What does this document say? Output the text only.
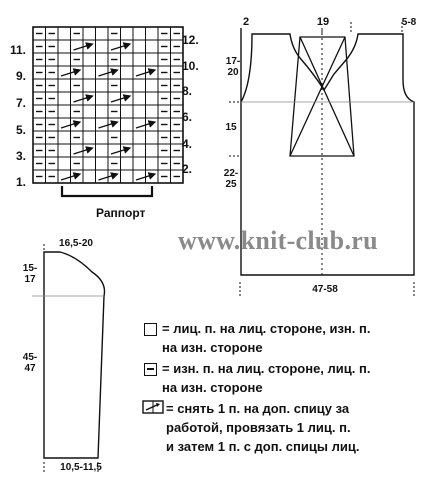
11.
9.
7.
5.
3.
1.
12.
10.
8.
6.
4.
2.
Раппорт
www.knit-club.ru
2	19	5-8
17-
20
15
22-
25
47-58
16,5-20
15-
17
45-
47
10,5-11,5
= лиц. п. на лиц. стороне, изн. п.
на изн. стороне
= изн. п. на лиц. стороне, лиц. п.
на изн. стороне
= снять 1 п. на доп. спицу за
работой, провязать 1 лиц. п.
и затем 1 п. с доп. спицы лиц.
